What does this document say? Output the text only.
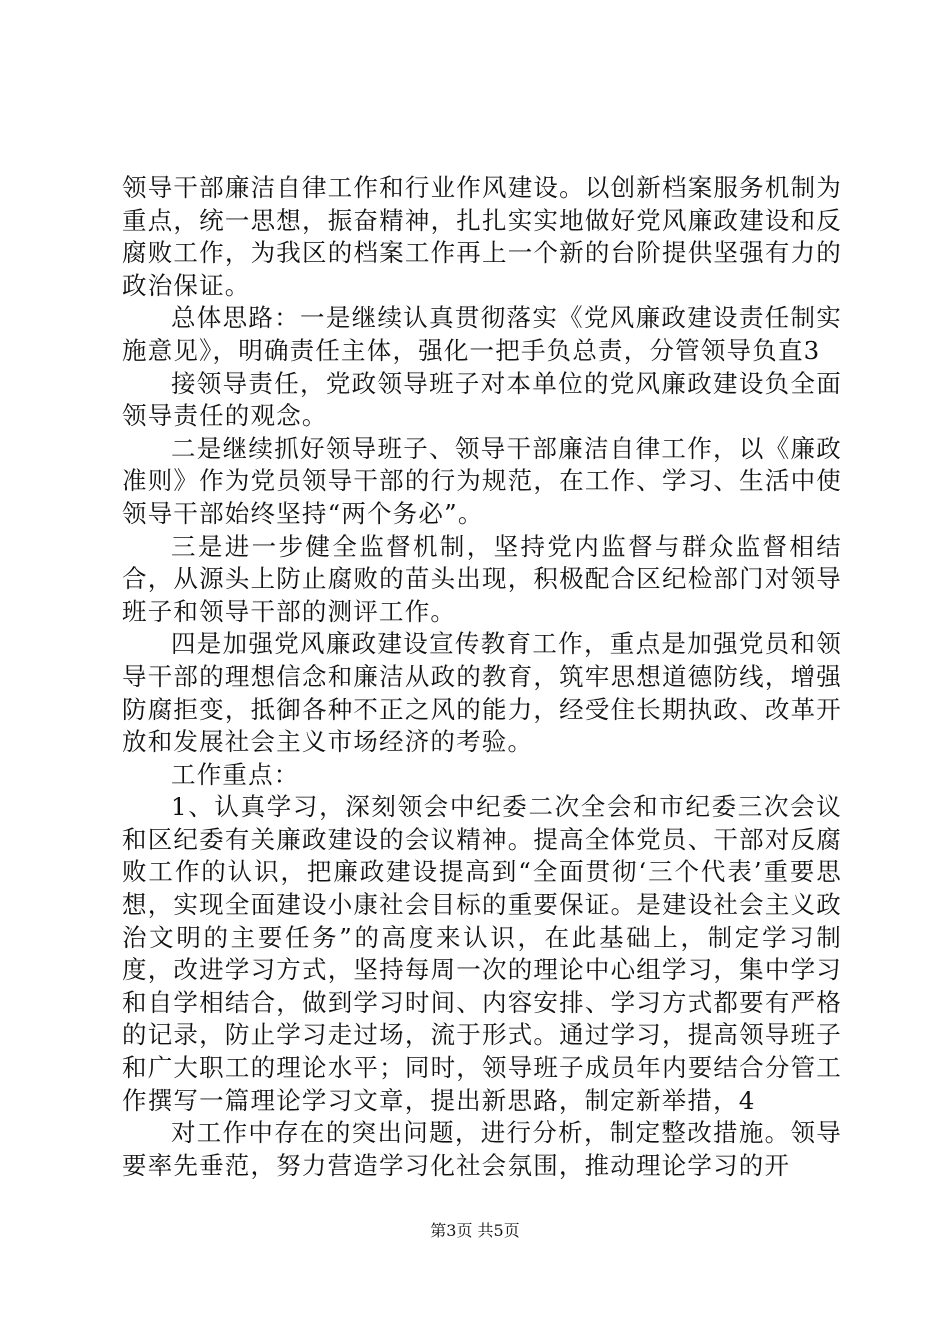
领导干部廉洁自律工作和行业作风建设。以创新档案服务机制为重点，统一思想，振奋精神，扎扎实实地做好党风廉政建设和反腐败工作，为我区的档案工作再上一个新的台阶提供坚强有力的政治保证。

总体思路：一是继续认真贯彻落实《党风廉政建设责任制实施意见》，明确责任主体，强化一把手负总责，分管领导负直3

接领导责任，党政领导班子对本单位的党风廉政建设负全面领导责任的观念。

二是继续抓好领导班子、领导干部廉洁自律工作，以《廉政准则》作为党员领导干部的行为规范，在工作、学习、生活中使领导干部始终坚持“两个务必”。

三是进一步健全监督机制，坚持党内监督与群众监督相结合，从源头上防止腐败的苗头出现，积极配合区纪检部门对领导班子和领导干部的测评工作。

四是加强党风廉政建设宣传教育工作，重点是加强党员和领导干部的理想信念和廉洁从政的教育，筑牢思想道德防线，增强防腐拒变，抵御各种不正之风的能力，经受住长期执政、改革开放和发展社会主义市场经济的考验。

工作重点：

1、认真学习，深刻领会中纪委二次全会和市纪委三次会议和区纪委有关廉政建设的会议精神。提高全体党员、干部对反腐败工作的认识，把廉政建设提高到“全面贯彻‘三个代表’重要思想，实现全面建设小康社会目标的重要保证。是建设社会主义政治文明的主要任务”的高度来认识，在此基础上，制定学习制度，改进学习方式，坚持每周一次的理论中心组学习，集中学习和自学相结合，做到学习时间、内容安排、学习方式都要有严格的记录，防止学习走过场，流于形式。通过学习，提高领导班子和广大职工的理论水平；同时，领导班子成员年内要结合分管工作撰写一篇理论学习文章，提出新思路，制定新举措，4

对工作中存在的突出问题，进行分析，制定整改措施。领导要率先垂范，努力营造学习化社会氛围，推动理论学习的开

第3页 共5页
